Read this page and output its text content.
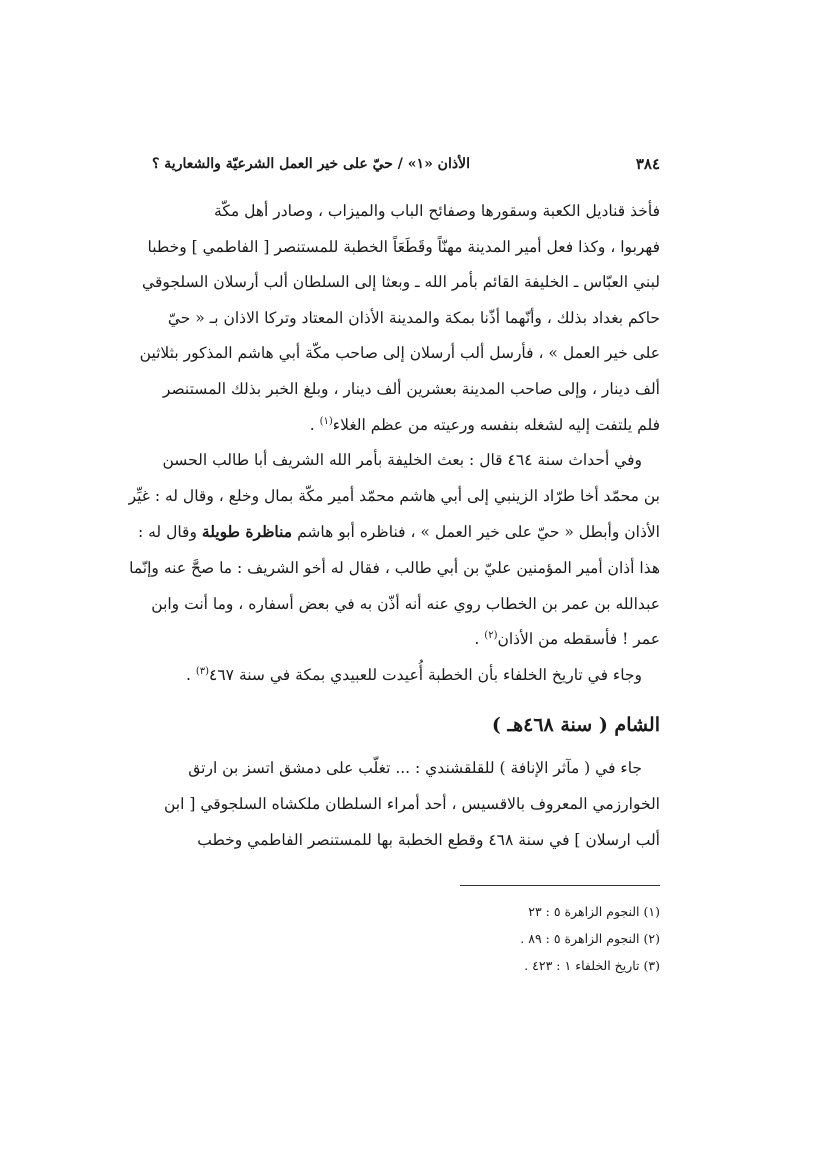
٣٨٤
الأذان «١» / حيّ على خير العمل الشرعيّة والشعارية ؟

فأخذ قناديل الكعبة وسقورها وصفائح الباب والميزاب ، وصادر أهل مكّة
فهربوا ، وكذا فعل أمير المدينة مهنّاً وقَطَعَاً الخطبة للمستنصر [ الفاطمي ] وخطبا
لبني العبّاس ـ الخليفة القائم بأمر الله ـ وبعثا إلى السلطان ألب أرسلان السلجوقي
حاكم بغداد بذلك ، وأنّهما أذّنا بمكة والمدينة الأذان المعتاد وتركا الاذان بـ « حيّ
على خير العمل » ، فأرسل ألب أرسلان إلى صاحب مكّة أبي هاشم المذكور بثلاثين
ألف دينار ، وإلى صاحب المدينة بعشرين ألف دينار ، وبلغ الخبر بذلك المستنصر
فلم يلتفت إليه لشغله بنفسه ورعيته من عظم الغلاء$^{(١)}$ .

وفي أحداث سنة ٤٦٤ قال : بعث الخليفة بأمر الله الشريف أبا طالب الحسن
بن محمّد أخا طرّاد الزينبي إلى أبي هاشم محمّد أمير مكّة بمال وخلع ، وقال له : غيِّر
الأذان وأبطل « حيّ على خير العمل » ، فناظره أبو هاشم مناظرة طويلة وقال له :
هذا أذان أمير المؤمنين عليّ بن أبي طالب ، فقال له أخو الشريف : ما صحَّ عنه وإنّما
عبدالله بن عمر بن الخطاب روي عنه أنه أذّن به في بعض أسفاره ، وما أنت وابن
عمر ! فأسقطه من الأذان$^{(٢)}$ .

وجاء في تاريخ الخلفاء بأن الخطبة أُعيدت للعبيدي بمكة في سنة ٤٦٧$^{(٣)}$ .

الشام ( سنة ٤٦٨هـ )

جاء في ( مآثر الإنافة ) للقلقشندي : ... تغلّب على دمشق اتسز بن ارتق
الخوارزمي المعروف بالاقسيس ، أحد أمراء السلطان ملكشاه السلجوقي [ ابن
ألب ارسلان ] في سنة ٤٦٨ وقطع الخطبة بها للمستنصر الفاطمي وخطب

(١) النجوم الزاهرة ٥ : ٢٣
(٢) النجوم الزاهرة ٥ : ٨٩ .
(٣) تاريخ الخلفاء ١ : ٤٢٣ .
